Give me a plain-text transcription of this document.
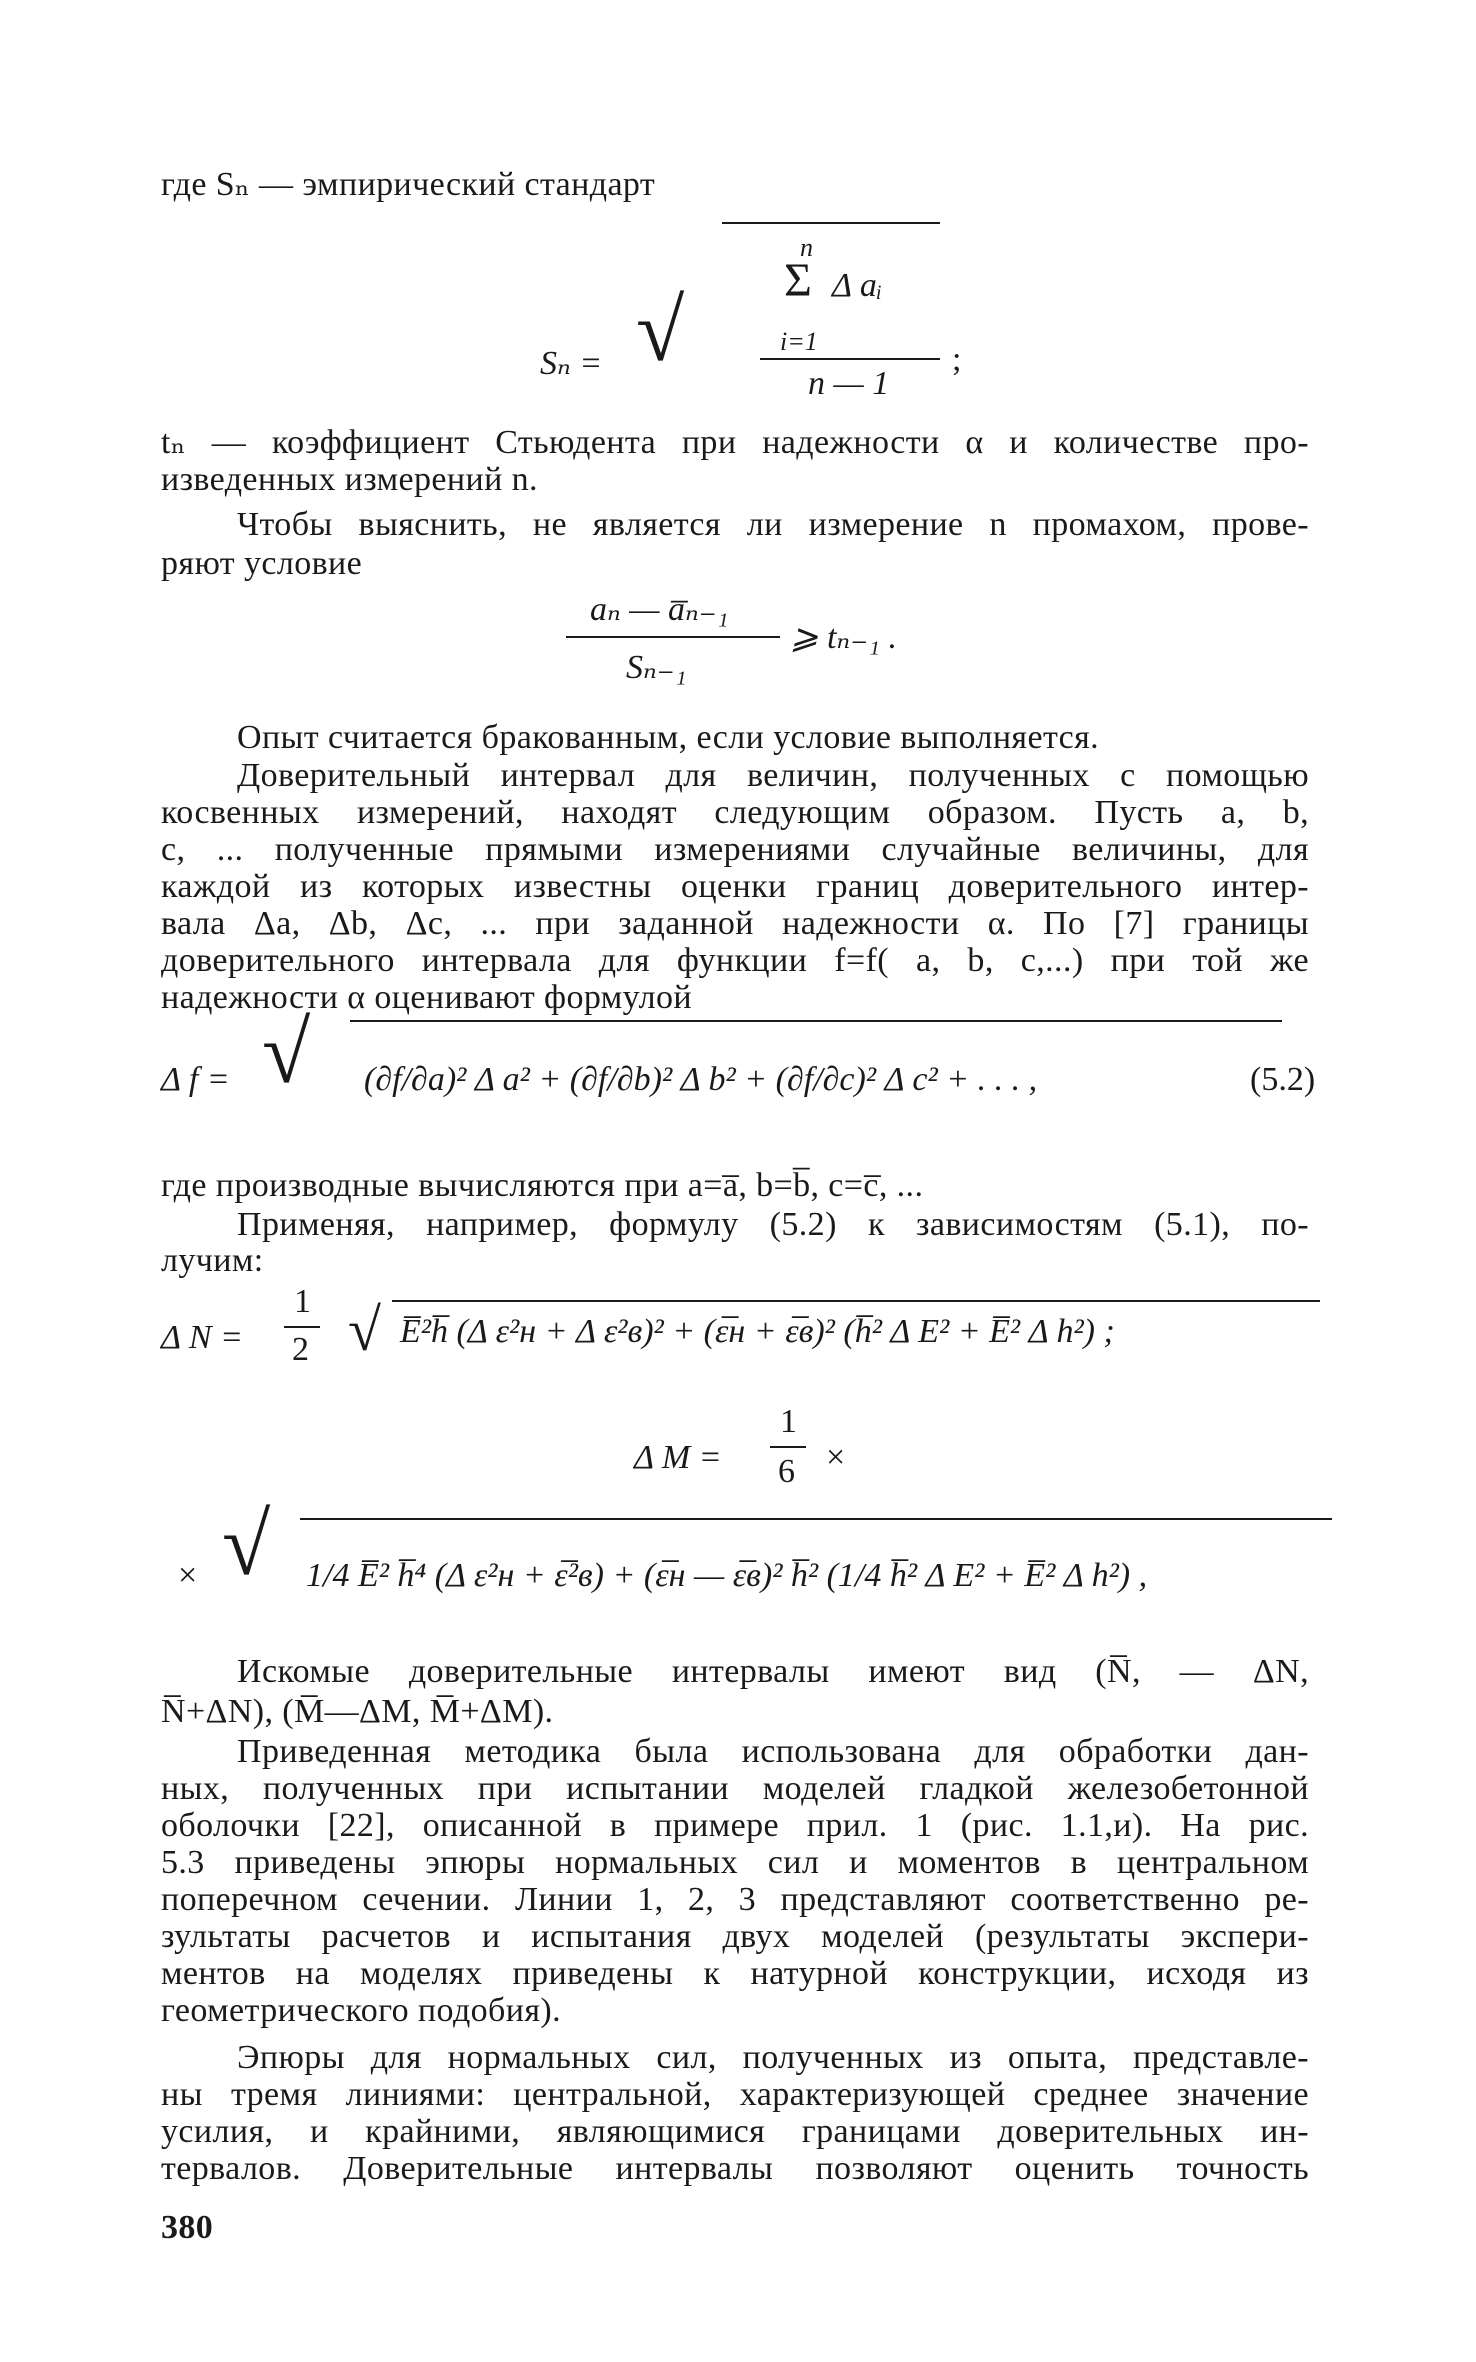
где Sₙ — эмпирический стандарт
Sₙ = √
n
Σ Δ aᵢ
i=1
n — 1
;
tₙ — коэффициент Стьюдента при надежности α и количестве про-
изведенных измерений n.
Чтобы выяснить, не является ли измерение n промахом, прове-
ряют условие
aₙ — a̅ₙ₋₁
Sₙ₋₁
⩾ tₙ₋₁ .
Опыт считается бракованным, если условие выполняется.
Доверительный интервал для величин, полученных с помощью
косвенных измерений, находят следующим образом. Пусть a, b,
c, ... полученные прямыми измерениями случайные величины, для
каждой из которых известны оценки границ доверительного интер-
вала Δa, Δb, Δc, ... при заданной надежности α. По [7] границы
доверительного интервала для функции f=f( a, b, c,...) при той же
надежности α оценивают формулой
Δ f = √ (∂f/∂a)² Δ a² + (∂f/∂b)² Δ b² + (∂f/∂c)² Δ c² + . . . ,	(5.2)
где производные вычисляются при a=a̅, b=b̅, c=c̅, ...
Применяя, например, формулу (5.2) к зависимостям (5.1), по-
лучим:
Δ N =
1
2 √ E̅²h̅ (Δ ε²н + Δ ε²в)² + (ε̅н + ε̅в)² (h̅² Δ E² + E̅² Δ h²) ;
Δ M =
1
6 ×
× √ 1/4 E̅² h̅⁴ (Δ ε²н + ε̅²в) + (ε̅н — ε̅в)² h̅² (1/4 h̅² Δ E² + E̅² Δ h²) ,
Искомые доверительные интервалы имеют вид (N̅, — ΔN,
N̅+ΔN), (M̅—ΔM, M̅+ΔM).
Приведенная методика была использована для обработки дан-
ных, полученных при испытании моделей гладкой железобетонной
оболочки [22], описанной в примере прил. 1 (рис. 1.1,и). На рис.
5.3 приведены эпюры нормальных сил и моментов в центральном
поперечном сечении. Линии 1, 2, 3 представляют соответственно ре-
зультаты расчетов и испытания двух моделей (результаты экспери-
ментов на моделях приведены к натурной конструкции, исходя из
геометрического подобия).
Эпюры для нормальных сил, полученных из опыта, представле-
ны тремя линиями: центральной, характеризующей среднее значение
усилия, и крайними, являющимися границами доверительных ин-
тервалов. Доверительные интервалы позволяют оценить точность
380
